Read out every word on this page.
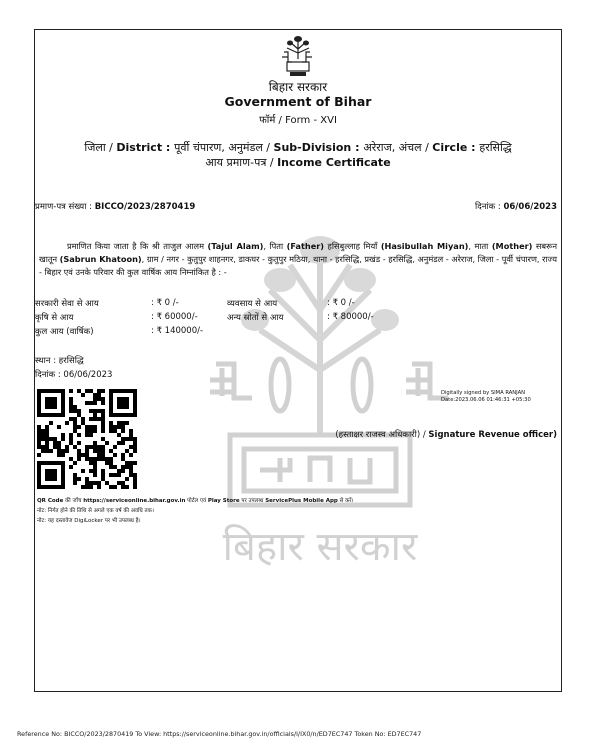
बिहार सरकार
बिहार सरकार
Government of Bihar
फॉर्म / Form - XVI
जिला / District : पूर्वी चंपारण, अनुमंडल / Sub-Division : अरेराज, अंचल / Circle : हरसिद्धि
आय प्रमाण-पत्र / Income Certificate
प्रमाण-पत्र संख्या : BICCO/2023/2870419	दिनांक : 06/06/2023
प्रमाणित किया जाता है कि श्री ताजुल आलम (Tajul Alam), पिता (Father) हसिबुल्लाह मियाँ (Hasibullah Miyan), माता (Mother) सबरून खातून (Sabrun Khatoon), ग्राम / नगर - कुतुपुर शाहनगर, डाकघर - कुतुपुर मठिया, थाना - हरसिद्धि, प्रखंड - हरसिद्धि, अनुमंडल - अरेराज, जिला - पूर्वी चंपारण, राज्य - बिहार एवं उनके परिवार की कुल वार्षिक आय निम्नांकित है : -
सरकारी सेवा से आय	: ₹ 0 /-	व्यवसाय से आय	: ₹ 0 /-
कृषि से आय	: ₹ 60000/-	अन्य स्रोतों से आय	: ₹ 80000/-
कुल आय (वार्षिक)	: ₹ 140000/-		
स्थान : हरसिद्धि
दिनांक : 06/06/2023
Digitally signed by SIMA RANJAN
Date:2023.06.06 01:46:31 +05:30
(हस्ताक्षर राजस्व अधिकारी) / Signature Revenue officer)
QR Code की जाँच https://serviceonline.bihar.gov.in पोर्टल एवं Play Store पर उपलब्ध ServicePlus Mobile App से करें।
नोट: निर्गत होने की तिथि से अगले एक वर्ष की अवधि तक।
नोट: यह दस्तावेज DigiLocker पर भी उपलब्ध है।
Reference No: BICCO/2023/2870419 To View: https://serviceonline.bihar.gov.in/officials/l/IX0/n/ED7EC747 Token No: ED7EC747
